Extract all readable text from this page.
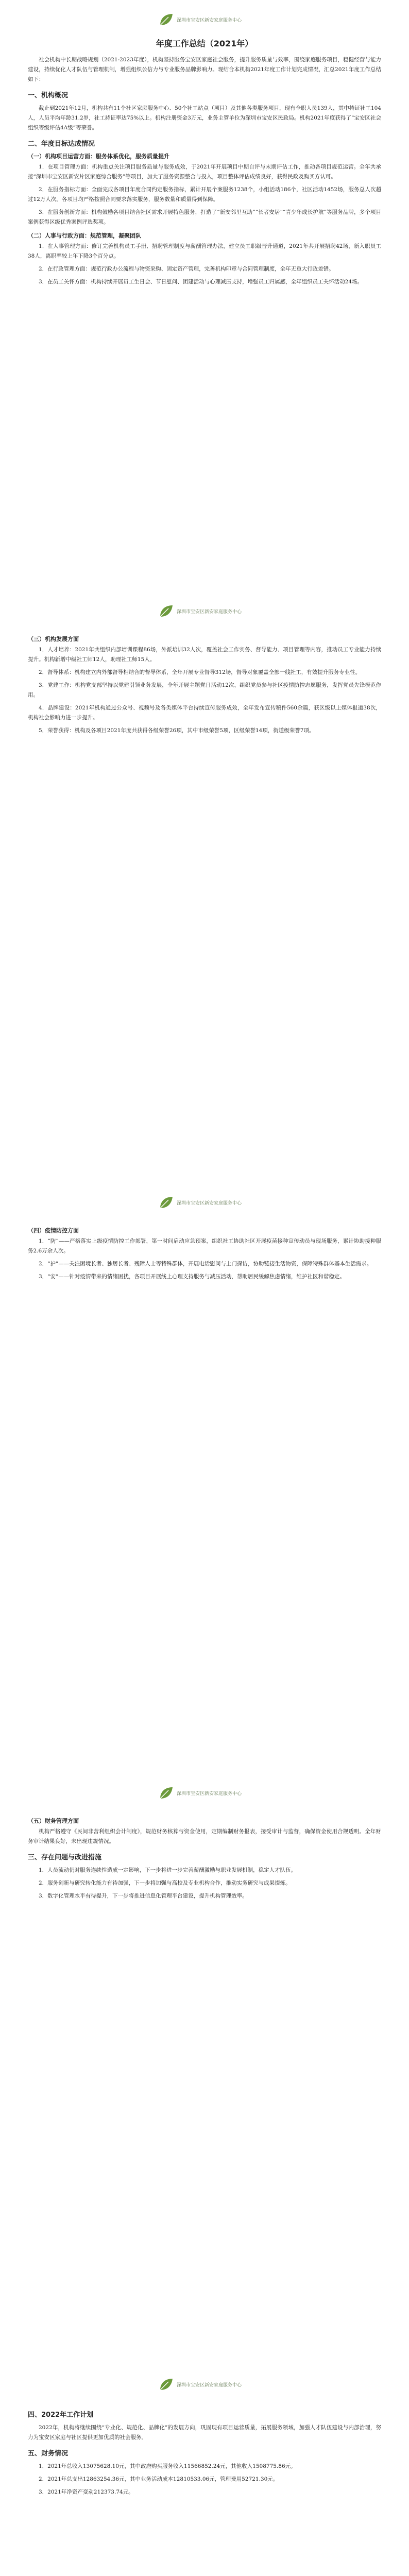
深圳市宝安区新安家庭服务中心
年度工作总结（2021年）

社会机构中长期战略规划（2021-2023年度），机构坚持服务宝安区家庭社会服务，提升服务质量与效率，围绕家庭服务项目，稳健经营与能力建设，持续优化人才队伍与管理机制，增强组织公信力与专业服务品牌影响力。现结合本机构2021年度工作计划完成情况，汇总2021年度工作总结如下：

一、机构概况

截止到2021年12月，机构共有11个社区家庭服务中心、50个社工站点（项目）及其他各类服务项目，现有全职人员139人，其中持证社工104人，人员平均年龄31.2岁，社工持证率达75%以上。机构注册资金3万元，业务主管单位为深圳市宝安区民政局。机构2021年度获得了“宝安区社会组织等级评估4A级”等荣誉。

二、年度目标达成情况
（一）机构项目运营方面：服务体系优化，服务质量提升

1．在项目管理方面：机构重点关注项目服务质量与服务成效，于2021年开展项目中期自评与末期评估工作，推动各项目规范运营。全年共承接“深圳市宝安区新安片区家庭综合服务”等项目，加大了服务资源整合与投入，项目整体评估成绩良好，获得民政及购买方认可。

2．在服务指标方面：全面完成各项目年度合同约定服务指标，累计开展个案服务1238个，小组活动186个，社区活动1452场，服务总人次超过12万人次。各项目均严格按照合同要求落实服务，服务数量和质量得到保障。

3．在服务创新方面：机构鼓励各项目结合社区需求开展特色服务，打造了“新安邻里互助”“长者安居”“青少年成长护航”等服务品牌，多个项目案例获得区级优秀案例评选奖项。

（二）人事与行政方面：规范管理，凝聚团队

1．在人事管理方面：修订完善机构员工手册、招聘管理制度与薪酬管理办法，建立员工职级晋升通道，2021年共开展招聘42场，新入职员工38人，离职率较上年下降3个百分点。

2．在行政管理方面：规范行政办公流程与物资采购、固定资产管理，完善机构印章与合同管理制度，全年无重大行政差错。

3．在员工关怀方面：机构持续开展员工生日会、节日慰问、团建活动与心理减压支持，增强员工归属感，全年组织员工关怀活动24场。

深圳市宝安区新安家庭服务中心
（三）机构发展方面

1．人才培养：2021年共组织内部培训课程86场，外派培训32人次，覆盖社会工作实务、督导能力、项目管理等内容，推动员工专业能力持续提升。机构新增中级社工师12人，助理社工师15人。

2．督导体系：机构建立内外部督导相结合的督导体系，全年开展专业督导312场，督导对象覆盖全部一线社工，有效提升服务专业性。

3．党建工作：机构党支部坚持以党建引领业务发展，全年开展主题党日活动12次，组织党员参与社区疫情防控志愿服务，发挥党员先锋模范作用。

4．品牌建设：2021年机构通过公众号、视频号及各类媒体平台持续宣传服务成效，全年发布宣传稿件560余篇，获区级以上媒体报道38次，机构社会影响力进一步提升。

5．荣誉获得：机构及各项目2021年度共获得各级荣誉26项，其中市级荣誉5项，区级荣誉14项，街道级荣誉7项。

深圳市宝安区新安家庭服务中心
（四）疫情防控方面

1．“防”——严格落实上级疫情防控工作部署，第一时间启动应急预案，组织社工协助社区开展疫苗接种宣传动员与现场服务，累计协助接种服务2.6万余人次。

2．“护”——关注困境长者、独居长者、残障人士等特殊群体，开展电话慰问与上门探访，协助链接生活物资，保障特殊群体基本生活需求。

3．“安”——针对疫情带来的情绪困扰，各项目开展线上心理支持服务与减压活动，帮助居民缓解焦虑情绪，维护社区和谐稳定。

深圳市宝安区新安家庭服务中心
（五）财务管理方面

机构严格遵守《民间非营利组织会计制度》，规范财务核算与资金使用，定期编制财务报表，接受审计与监督，确保资金使用合规透明。全年财务审计结果良好，未出现违规情况。

三、存在问题与改进措施

1．人员流动仍对服务连续性造成一定影响，下一步将进一步完善薪酬激励与职业发展机制，稳定人才队伍。

2．服务创新与研究转化能力有待加强，下一步将加强与高校及专业机构合作，推动实务研究与成果提炼。

3．数字化管理水平有待提升，下一步将推进信息化管理平台建设，提升机构管理效率。

深圳市宝安区新安家庭服务中心
四、2022年工作计划

2022年，机构将继续围绕“专业化、规范化、品牌化”的发展方向，巩固现有项目运营质量，拓展服务领域，加强人才队伍建设与内部治理，努力为宝安区家庭与社区提供更加优质的社会服务。

五、财务情况

1．2021年总收入13075628.10元，其中政府购买服务收入11566852.24元，其他收入1508775.86元。

2．2021年总支出12863254.36元，其中业务活动成本12810533.06元，管理费用52721.30元。

3．2021年净资产变动212373.74元。
